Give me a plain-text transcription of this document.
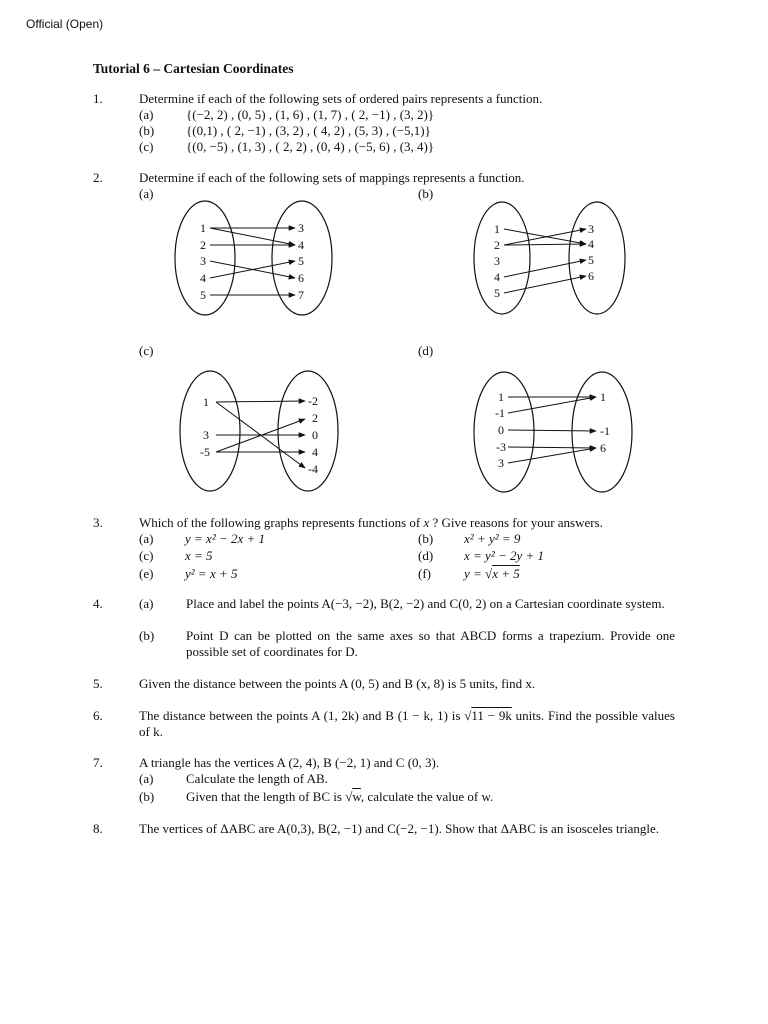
Official (Open)
Tutorial 6 – Cartesian Coordinates
1.	Determine if each of the following sets of ordered pairs represents a function.
(a)	{(−2, 2) , (0, 5) , (1, 6) , (1, 7) , ( 2, −1) , (3, 2)}
(b) {(0,1) , ( 2, −1) , (3, 2) , ( 4, 2) , (5, 3) , (−5,1)}
(c)	{(0, −5) , (1, 3) , ( 2, 2) , (0, 4) , (−5, 6) , (3, 4)}
2.	Determine if each of the following sets of mappings represents a function.
(a)	(b)
(c)	(d)
1
2
3
4
5
3
4
5
6
7
1
2
3
4
5
3
4
5
6
1
3
-5
-2
2
0
4
-4
1
-1
0
-3
3
1
-1
6
3.	Which of the following graphs represents functions of x ? Give reasons for your answers.
(a) y = x² − 2x + 1	(b) x² + y² = 9
(c) x = 5	(d) x = y² − 2y + 1
(e) y² = x + 5	(f)	y = √x + 5
4.	(a)	Place and label the points A(−3, −2), B(2, −2) and C(0, 2) on a Cartesian coordinate system.
(b) Point D can be plotted on the same axes so that ABCD forms a trapezium. Provide one possible set of coordinates for D.
5.	Given the distance between the points A (0, 5) and B (x, 8) is 5 units, find x.
6.	The distance between the points A (1, 2k) and B (1 − k, 1) is √11 − 9k units. Find the possible values of k.
7.	A triangle has the vertices A (2, 4), B (−2, 1) and C (0, 3).
(a)	Calculate the length of AB.
(b) Given that the length of BC is √w, calculate the value of w.
8.	The vertices of ΔABC are A(0,3), B(2, −1) and C(−2, −1). Show that ΔABC is an isosceles triangle.
